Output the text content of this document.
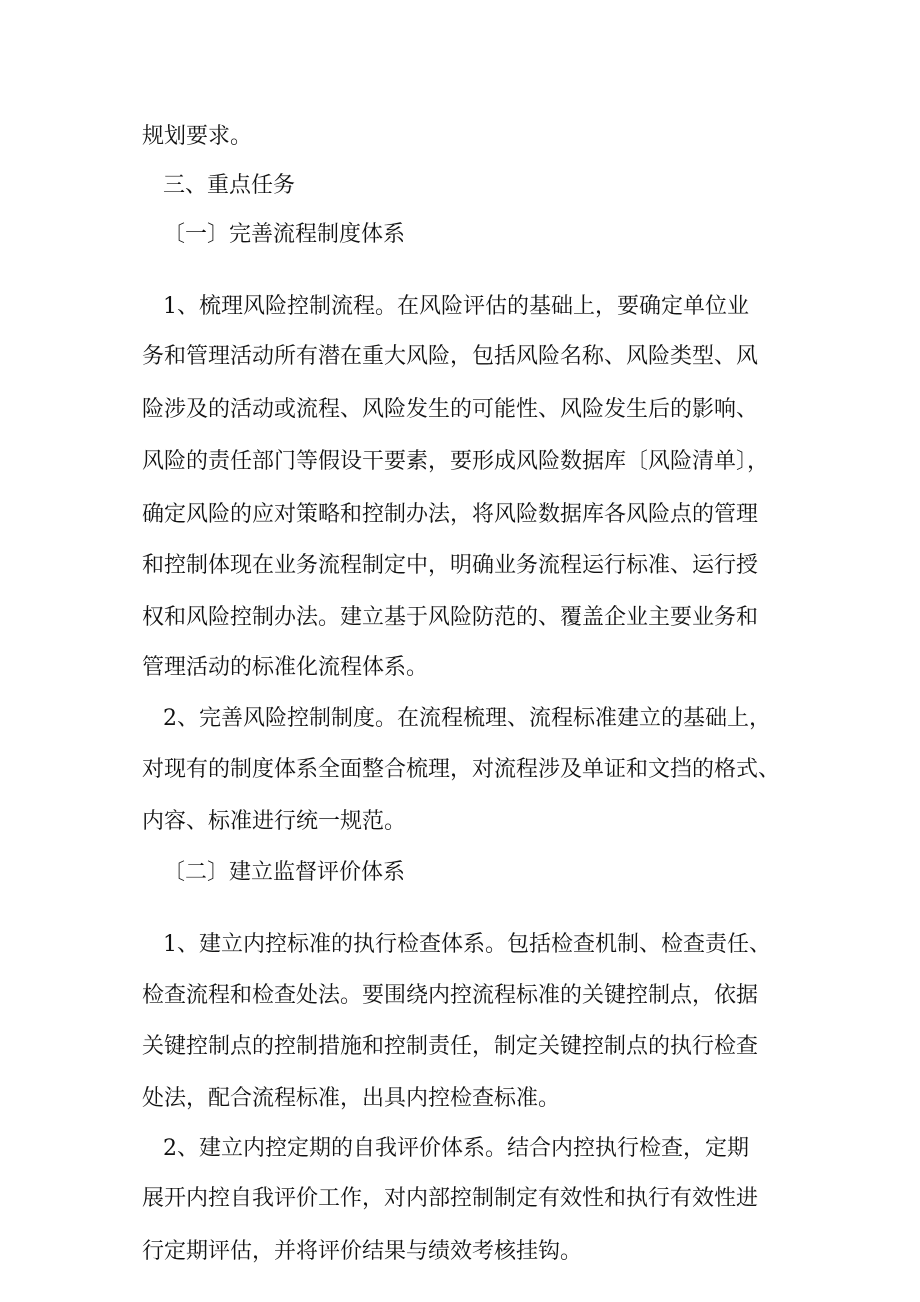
规划要求。
三、重点任务
〔一〕完善流程制度体系
1、梳理风险控制流程。在风险评估的基础上，要确定单位业
务和管理活动所有潜在重大风险，包括风险名称、风险类型、风
险涉及的活动或流程、风险发生的可能性、风险发生后的影响、
风险的责任部门等假设干要素，要形成风险数据库〔风险清单〕，
确定风险的应对策略和控制办法，将风险数据库各风险点的管理
和控制体现在业务流程制定中，明确业务流程运行标准、运行授
权和风险控制办法。建立基于风险防范的、覆盖企业主要业务和
管理活动的标准化流程体系。
2、完善风险控制制度。在流程梳理、流程标准建立的基础上，
对现有的制度体系全面整合梳理，对流程涉及单证和文挡的格式、
内容、标准进行统一规范。
〔二〕建立监督评价体系
1、建立内控标准的执行检查体系。包括检查机制、检查责任、
检查流程和检查处法。要围绕内控流程标准的关键控制点，依据
关键控制点的控制措施和控制责任，制定关键控制点的执行检查
处法，配合流程标准，出具内控检查标准。
2、建立内控定期的自我评价体系。结合内控执行检查，定期
展开内控自我评价工作，对内部控制制定有效性和执行有效性进
行定期评估，并将评价结果与绩效考核挂钩。
